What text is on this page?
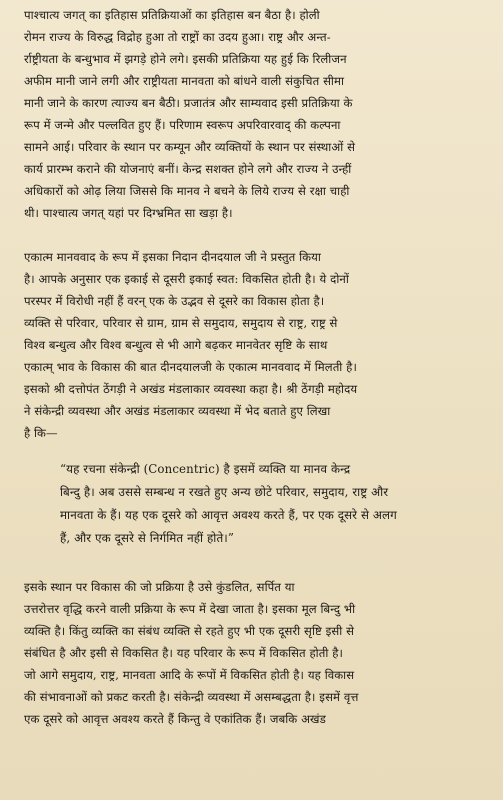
पाश्चात्य जगत् का इतिहास प्रतिक्रियाओं का इतिहास बन बैठा है। होली
रोमन राज्य के विरुद्ध विद्रोह हुआ तो राष्ट्रों का उदय हुआ। राष्ट्र और अन्त-
र्राष्ट्रीयता के बन्धुभाव में झगड़े होने लगे। इसकी प्रतिक्रिया यह हुई कि रिलीजन
अफीम मानी जाने लगी और राष्ट्रीयता मानवता को बांधने वाली संकुचित सीमा
मानी जाने के कारण त्याज्य बन बैठी। प्रजातंत्र और साम्यवाद इसी प्रतिक्रिया के
रूप में जन्मे और पल्लवित हुए हैं। परिणाम स्वरूप अपरिवारवाद् की कल्पना
सामने आई। परिवार के स्थान पर कम्यून और व्यक्तियों के स्थान पर संस्थाओं से
कार्य प्रारम्भ कराने की योजनाएं बनीं। केन्द्र सशक्त होने लगे और राज्य ने उन्हीं
अधिकारों को ओढ़ लिया जिससे कि मानव ने बचने के लिये राज्य से रक्षा चाही
थी। पाश्चात्य जगत् यहां पर दिग्भ्रमित सा खड़ा है।
एकात्म मानववाद के रूप में इसका निदान दीनदयाल जी ने प्रस्तुत किया
है। आपके अनुसार एक इकाई से दूसरी इकाई स्वत: विकसित होती है। ये दोनों
परस्पर में विरोधी नहीं हैं वरन् एक के उद्भव से दूसरे का विकास होता है।
व्यक्ति से परिवार, परिवार से ग्राम, ग्राम से समुदाय, समुदाय से राष्ट्र, राष्ट्र से
विश्व बन्धुत्व और विश्व बन्धुत्व से भी आगे बढ़कर मानवेतर सृष्टि के साथ
एकात्म् भाव के विकास की बात दीनदयालजी के एकात्म मानववाद में मिलती है।
इसको श्री दत्तोपंत ठेंगड़ी ने अखंड मंडलाकार व्यवस्था कहा है। श्री ठेंगड़ी महोदय
ने संकेन्द्री व्यवस्था और अखंड मंडलाकार व्यवस्था में भेद बताते हुए लिखा
है कि—
“यह रचना संकेन्द्री (Concentric) है इसमें व्यक्ति या मानव केन्द्र
बिन्दु है। अब उससे सम्बन्ध न रखते हुए अन्य छोटे परिवार, समुदाय, राष्ट्र और
मानवता के हैं। यह एक दूसरे को आवृत्त अवश्य करते हैं, पर एक दूसरे से अलग
हैं, और एक दूसरे से निर्गमित नहीं होते।”
इसके स्थान पर विकास की जो प्रक्रिया है उसे कुंडलित, सर्पित या
उत्तरोत्तर वृद्धि करने वाली प्रक्रिया के रूप में देखा जाता है। इसका मूल बिन्दु भी
व्यक्ति है। किंतु व्यक्ति का संबंध व्यक्ति से रहते हुए भी एक दूसरी सृष्टि इसी से
संबंधित है और इसी से विकसित है। यह परिवार के रूप में विकसित होती है।
जो आगे समुदाय, राष्ट्र, मानवता आदि के रूपों में विकसित होती है। यह विकास
की संभावनाओं को प्रकट करती है। संकेन्द्री व्यवस्था में असम्बद्धता है। इसमें वृत्त
एक दूसरे को आवृत्त अवश्य करते हैं किन्तु वे एकांतिक हैं। जबकि अखंड
